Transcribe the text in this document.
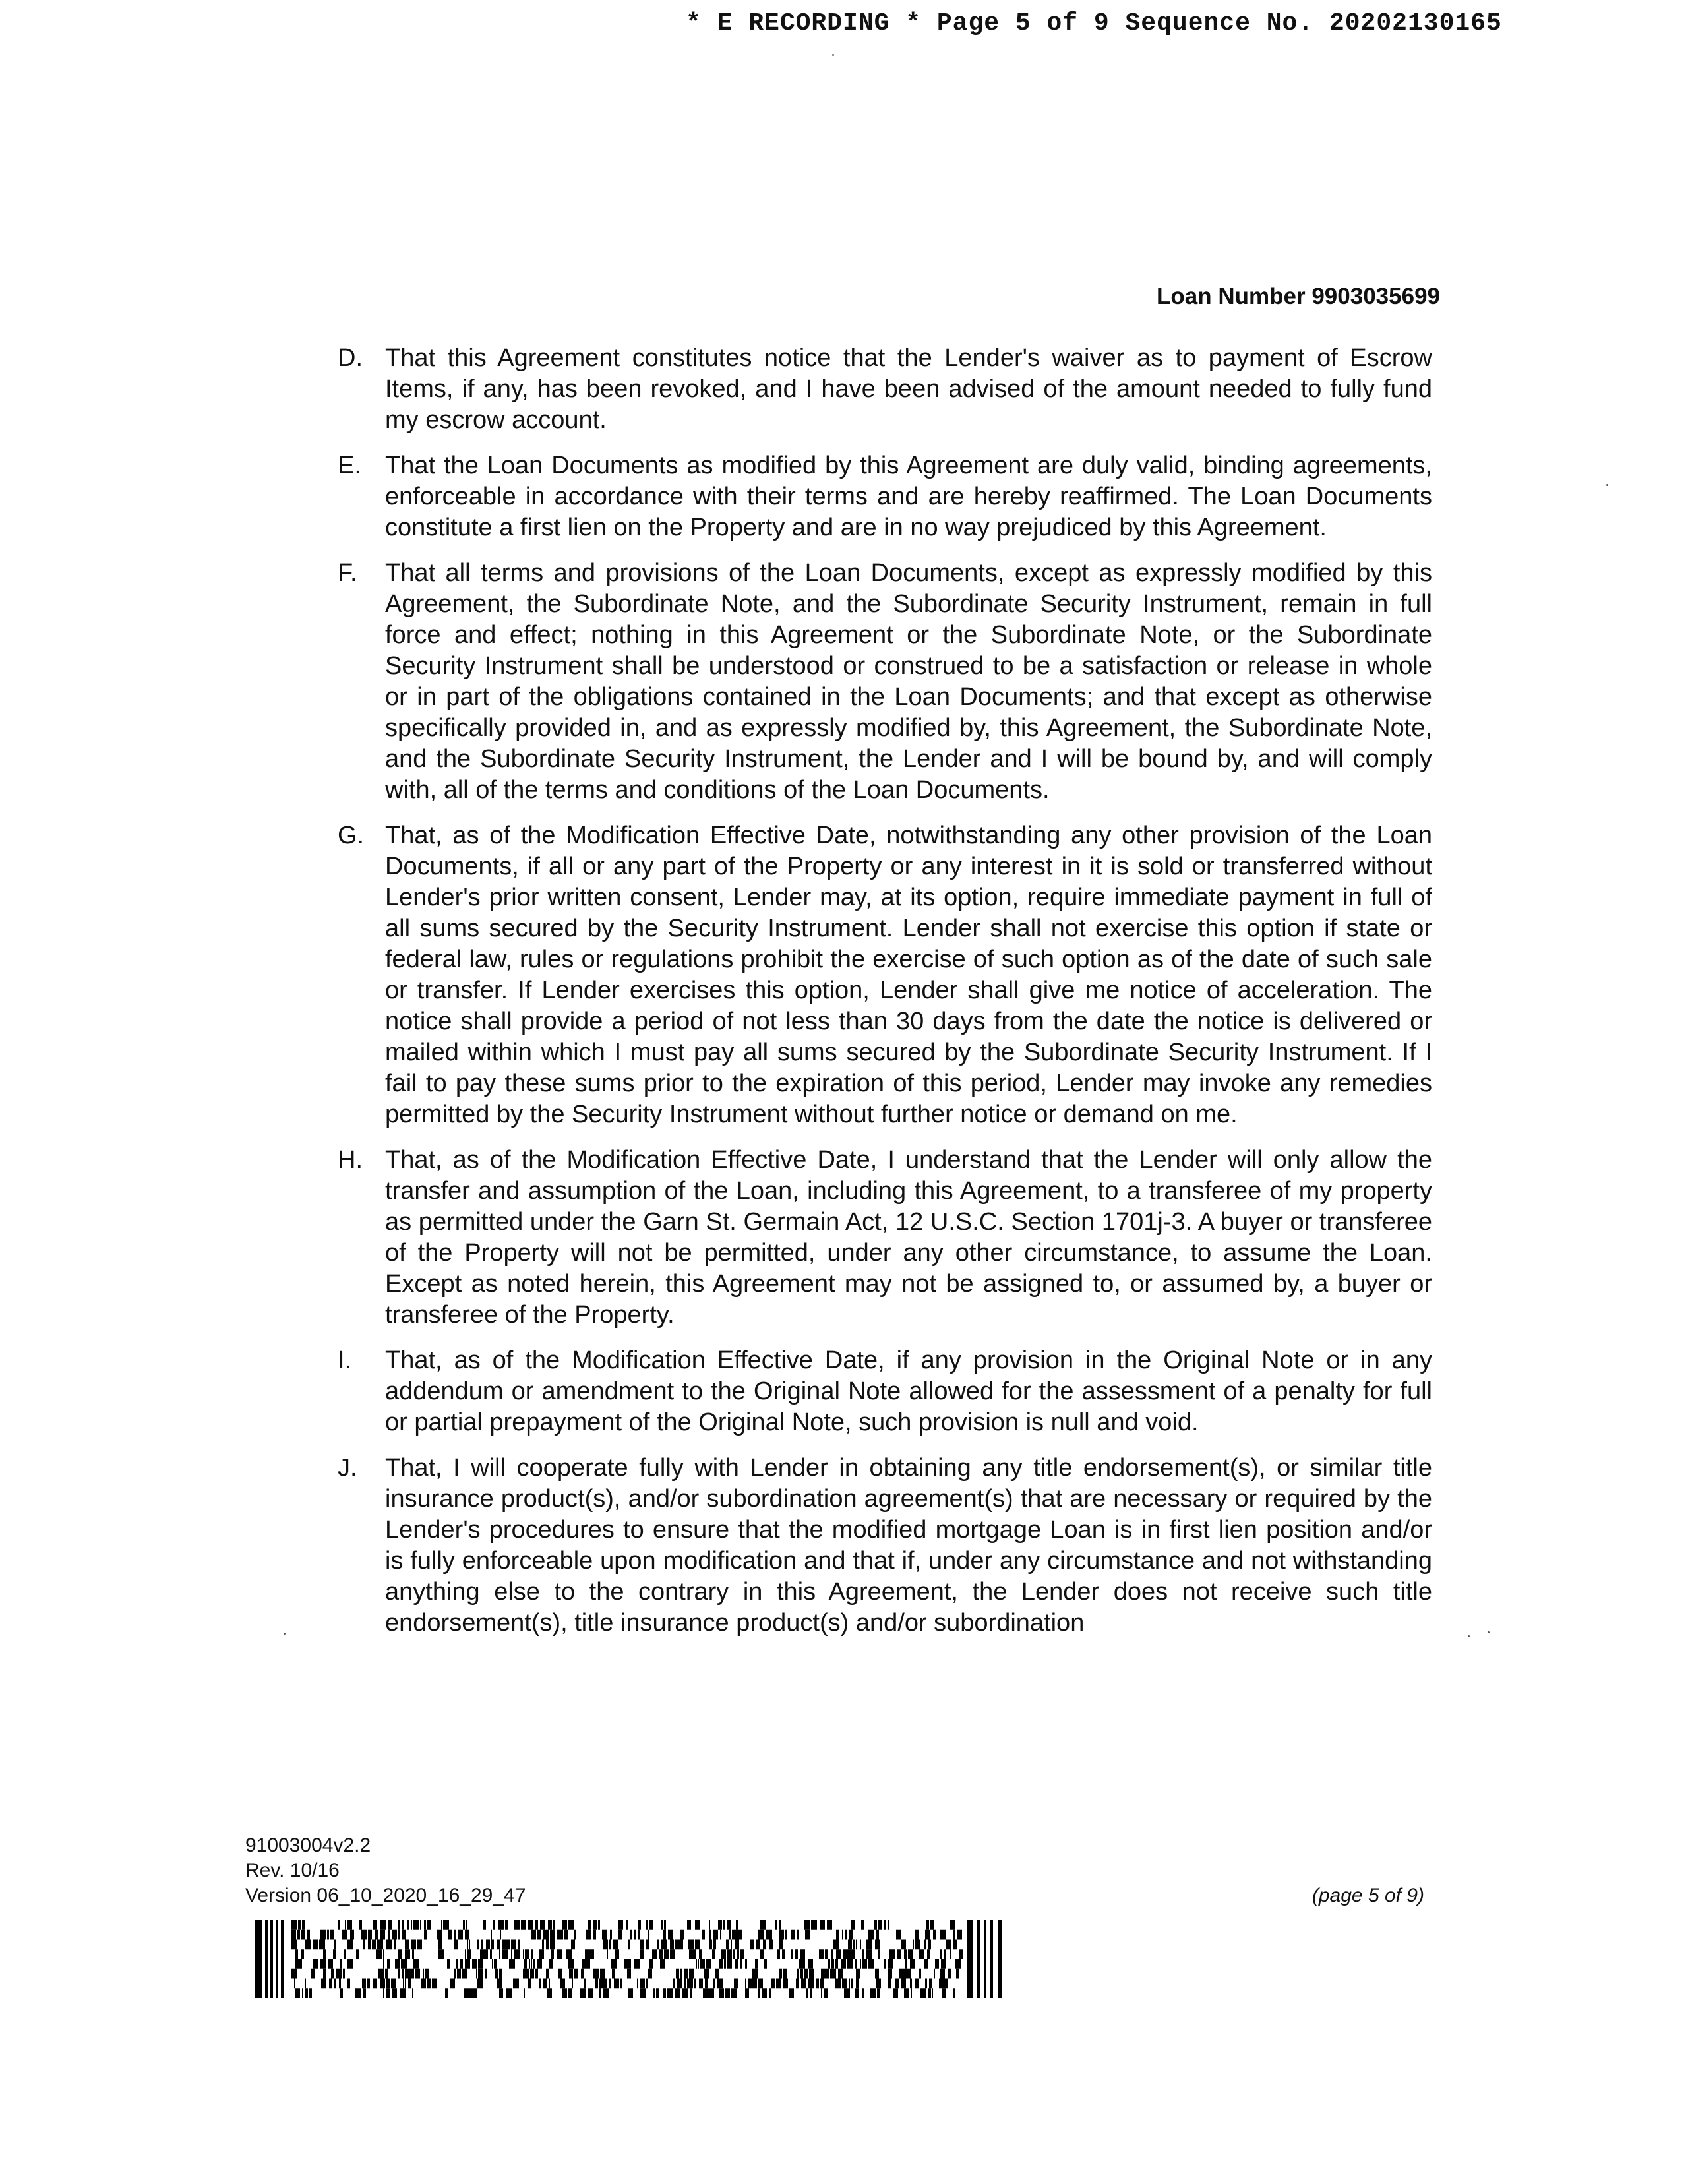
* E RECORDING * Page 5 of 9 Sequence No. 20202130165
Loan Number 9903035699
D. That this Agreement constitutes notice that the Lender's waiver as to payment of Escrow Items, if any, has been revoked, and I have been advised of the amount needed to fully fund my escrow account.
E. That the Loan Documents as modified by this Agreement are duly valid, binding agreements, enforceable in accordance with their terms and are hereby reaffirmed. The Loan Documents constitute a first lien on the Property and are in no way prejudiced by this Agreement.
F.	That all terms and provisions of the Loan Documents, except as expressly modified by this Agreement, the Subordinate Note, and the Subordinate Security Instrument, remain in full force and effect; nothing in this Agreement or the Subordinate Note, or the Subordinate Security Instrument shall be understood or construed to be a satisfaction or release in whole or in part of the obligations contained in the Loan Documents; and that except as otherwise specifically provided in, and as expressly modified by, this Agreement, the Subordinate Note, and the Subordinate Security Instrument, the Lender and I will be bound by, and will comply with, all of the terms and conditions of the Loan Documents.
G. That, as of the Modification Effective Date, notwithstanding any other provision of the Loan Documents, if all or any part of the Property or any interest in it is sold or transferred without Lender's prior written consent, Lender may, at its option, require immediate payment in full of all sums secured by the Security Instrument. Lender shall not exercise this option if state or federal law, rules or regulations prohibit the exercise of such option as of the date of such sale or transfer. If Lender exercises this option, Lender shall give me notice of acceleration. The notice shall provide a period of not less than 30 days from the date the notice is delivered or mailed within which I must pay all sums secured by the Subordinate Security Instrument. If I fail to pay these sums prior to the expiration of this period, Lender may invoke any remedies permitted by the Security Instrument without further notice or demand on me.
H. That, as of the Modification Effective Date, I understand that the Lender will only allow the transfer and assumption of the Loan, including this Agreement, to a transferee of my property as permitted under the Garn St. Germain Act, 12 U.S.C. Section 1701j-3. A buyer or transferee of the Property will not be permitted, under any other circumstance, to assume the Loan. Except as noted herein, this Agreement may not be assigned to, or assumed by, a buyer or transferee of the Property.
I.	That, as of the Modification Effective Date, if any provision in the Original Note or in any addendum or amendment to the Original Note allowed for the assessment of a penalty for full or partial prepayment of the Original Note, such provision is null and void.
J.	That, I will cooperate fully with Lender in obtaining any title endorsement(s), or similar title insurance product(s), and/or subordination agreement(s) that are necessary or required by the Lender's procedures to ensure that the modified mortgage Loan is in first lien position and/or is fully enforceable upon modification and that if, under any circumstance and not withstanding anything else to the contrary in this Agreement, the Lender does not receive such title endorsement(s), title insurance product(s) and/or subordination
91003004v2.2
Rev. 10/16
Version 06_10_2020_16_29_47	(page 5 of 9)
